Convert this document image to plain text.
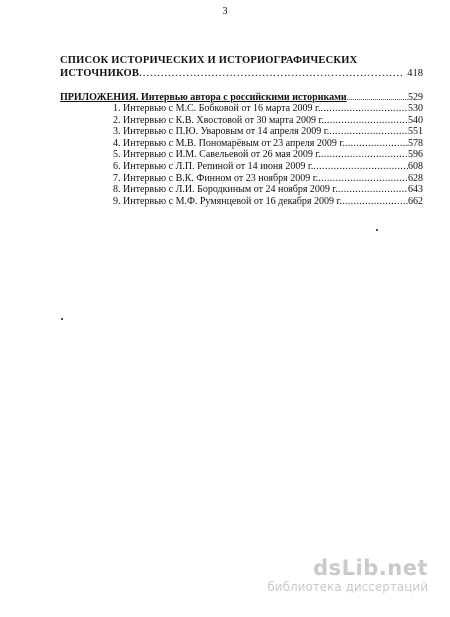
3
СПИСОК ИСТОРИЧЕСКИХ И ИСТОРИОГРАФИЧЕСКИХ
ИСТОЧНИКОВ .....	418
ПРИЛОЖЕНИЯ. Интервью автора с российскими историками .....	529
1. Интервью с М.С. Бобковой от 16 марта 2009 г. .....	530
2. Интервью с К.В. Хвостовой от 30 марта 2009 г. .....	540
3. Интервью с П.Ю. Уваровым от 14 апреля 2009 г. .....	551
4. Интервью с М.В. Пономарёвым от 23 апреля 2009 г. .....	578
5. Интервью с И.М. Савельевой от 26 мая 2009 г. .....	596
6. Интервью с Л.П. Репиной от 14 июня 2009 г. .....	608
7. Интервью с В.К. Финном от 23 ноября 2009 г. .....	628
8. Интервью с Л.И. Бородкиным от 24 ноября 2009 г. .....	643
9. Интервью с М.Ф. Румянцевой от 16 декабря 2009 г. .....	662
dsLib.net
библиотека диссертаций
